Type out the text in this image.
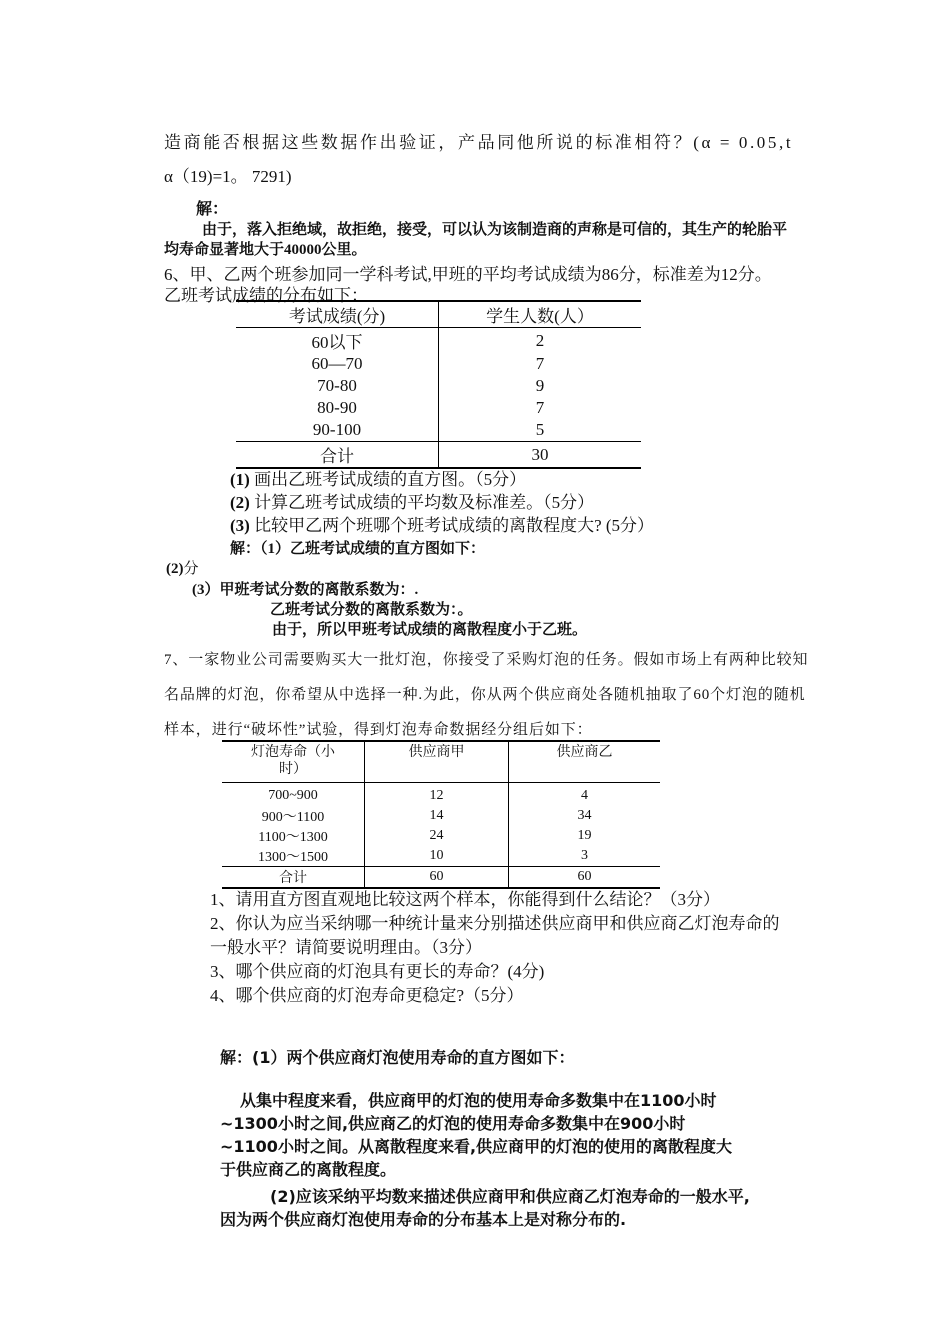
造商能否根据这些数据作出验证，产品同他所说的标准相符？(α = 0.05,t
α（19)=1。 7291)
解：
由于，落入拒绝域，故拒绝，接受，可以认为该制造商的声称是可信的，其生产的轮胎平
均寿命显著地大于40000公里。
6、甲、乙两个班参加同一学科考试,甲班的平均考试成绩为86分，标准差为12分。
乙班考试成绩的分布如下：
考试成绩(分)	学生人数(人）
60以下	2
60—70	7
70-80	9
80-90	7
90-100	5
合计	30
(1) 画出乙班考试成绩的直方图。（5分）
(2) 计算乙班考试成绩的平均数及标准差。（5分）
(3) 比较甲乙两个班哪个班考试成绩的离散程度大? (5分）
解：（1）乙班考试成绩的直方图如下：
(2)分
(3）甲班考试分数的离散系数为：.
乙班考试分数的离散系数为：。
由于，所以甲班考试成绩的离散程度小于乙班。
7、一家物业公司需要购买大一批灯泡，你接受了采购灯泡的任务。假如市场上有两种比较知
名品牌的灯泡，你希望从中选择一种.为此，你从两个供应商处各随机抽取了60个灯泡的随机
样本，进行“破坏性”试验，得到灯泡寿命数据经分组后如下：
灯泡寿命（小
时）	供应商甲	供应商乙
700~900	12	4
900～1100	14	34
1100～1300	24	19
1300～1500	10	3
合计	60	60
1、请用直方图直观地比较这两个样本，你能得到什么结论？（3分）
2、你认为应当采纳哪一种统计量来分别描述供应商甲和供应商乙灯泡寿命的
一般水平？请简要说明理由。（3分）
3、哪个供应商的灯泡具有更长的寿命？(4分)
4、哪个供应商的灯泡寿命更稳定?（5分）
解：(1）两个供应商灯泡使用寿命的直方图如下：
从集中程度来看，供应商甲的灯泡的使用寿命多数集中在1100小时
~1300小时之间,供应商乙的灯泡的使用寿命多数集中在900小时
~1100小时之间。从离散程度来看,供应商甲的灯泡的使用的离散程度大
于供应商乙的离散程度。
(2)应该采纳平均数来描述供应商甲和供应商乙灯泡寿命的一般水平,
因为两个供应商灯泡使用寿命的分布基本上是对称分布的.
